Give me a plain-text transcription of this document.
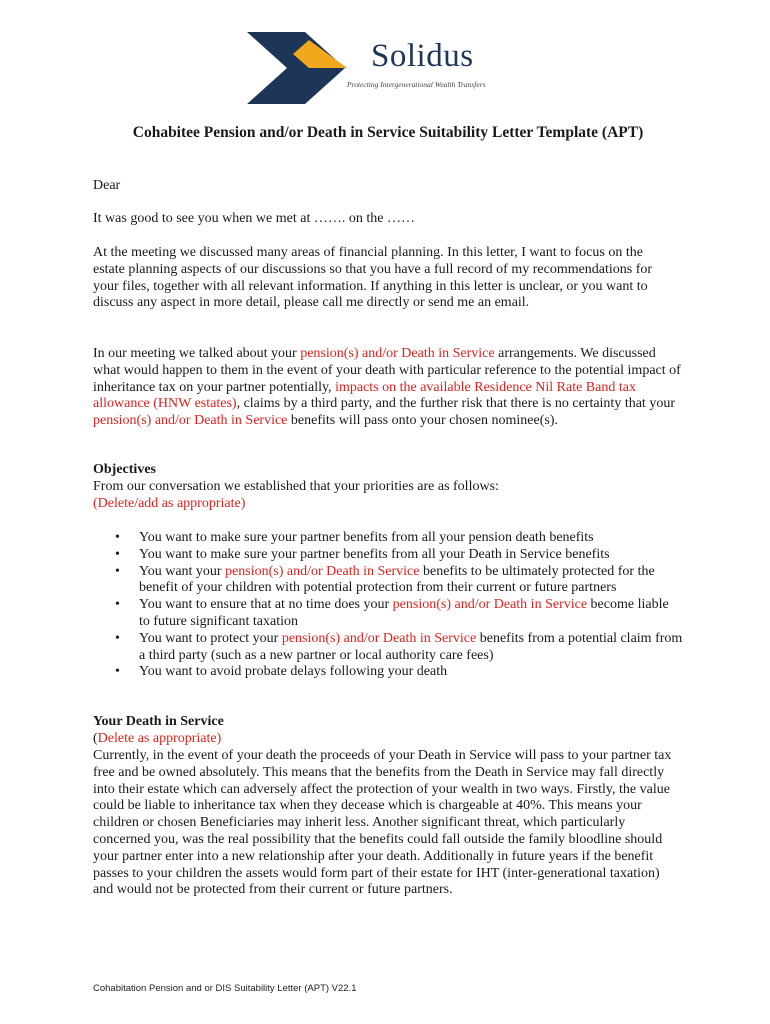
Solidus
Protecting Intergenerational Wealth Transfers
Cohabitee Pension and/or Death in Service Suitability Letter Template (APT)
Dear
It was good to see you when we met at ……. on the ……
At the meeting we discussed many areas of financial planning. In this letter, I want to focus on the estate planning aspects of our discussions so that you have a full record of my recommendations for your files, together with all relevant information. If anything in this letter is unclear, or you want to discuss any aspect in more detail, please call me directly or send me an email.
In our meeting we talked about your pension(s) and/or Death in Service arrangements. We discussed what would happen to them in the event of your death with particular reference to the potential impact of inheritance tax on your partner potentially, impacts on the available Residence Nil Rate Band tax allowance (HNW estates), claims by a third party, and the further risk that there is no certainty that your pension(s) and/or Death in Service benefits will pass onto your chosen nominee(s).
Objectives
From our conversation we established that your priorities are as follows:
(Delete/add as appropriate)
• You want to make sure your partner benefits from all your pension death benefits
• You want to make sure your partner benefits from all your Death in Service benefits
• You want your pension(s) and/or Death in Service benefits to be ultimately protected for the benefit of your children with potential protection from their current or future partners
• You want to ensure that at no time does your pension(s) and/or Death in Service become liable to future significant taxation
• You want to protect your pension(s) and/or Death in Service benefits from a potential claim from a third party (such as a new partner or local authority care fees)
• You want to avoid probate delays following your death
Your Death in Service
(Delete as appropriate)
Currently, in the event of your death the proceeds of your Death in Service will pass to your partner tax free and be owned absolutely. This means that the benefits from the Death in Service may fall directly into their estate which can adversely affect the protection of your wealth in two ways. Firstly, the value could be liable to inheritance tax when they decease which is chargeable at 40%. This means your children or chosen Beneficiaries may inherit less. Another significant threat, which particularly concerned you, was the real possibility that the benefits could fall outside the family bloodline should your partner enter into a new relationship after your death. Additionally in future years if the benefit passes to your children the assets would form part of their estate for IHT (inter-generational taxation) and would not be protected from their current or future partners.
Cohabitation Pension and or DIS Suitability Letter (APT) V22.1
